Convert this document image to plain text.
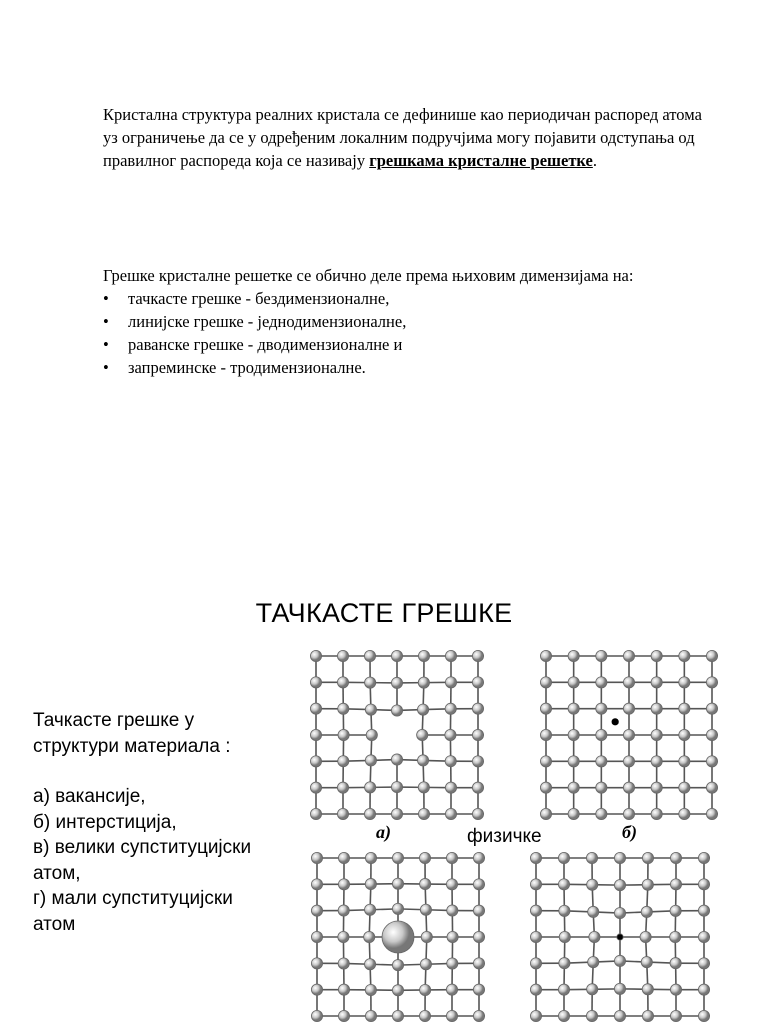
Кристална структура реалних кристала се дефинише као периодичан распоред атома уз ограничење да се у одређеним локалним подручјима могу појавити одступања од правилног распореда која се називају грешкама кристалне решетке.
Грешке кристалне решетке се обично деле према њиховим димензијама на:
• тачкасте грешке - бездимензионалне,
• линијске грешке - једнодимензионалне,
• раванске грешке - дводимензионалне и
• запреминске - тродимензионалне.
ТАЧКАСТЕ ГРЕШКЕ
Тачкасте грешке у
структури материала :
а) вакансије,
б) интерстиција,
в) велики супституцијски
атом,
г) мали супституцијски
атом
а)	б)
физичке
